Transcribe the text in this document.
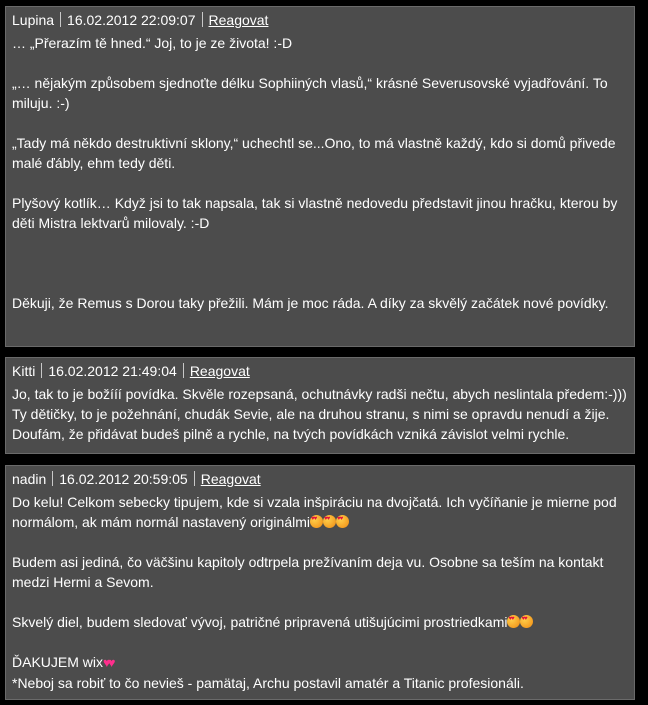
Lupina 16.02.2012 22:09:07 Reagovat

… „Přerazím tě hned.“ Joj, to je ze života! :-D

„… nějakým způsobem sjednoťte délku Sophiiných vlasů,“ krásné Severusovské vyjadřování. To miluju. :-)

„Tady má někdo destruktivní sklony,“ uchechtl se...Ono, to má vlastně každý, kdo si domů přivede malé ďábly, ehm tedy děti.

Plyšový kotlík… Když jsi to tak napsala, tak si vlastně nedovedu představit jinou hračku, kterou by děti Mistra lektvarů milovaly. :-D

Děkuji, že Remus s Dorou taky přežili. Mám je moc ráda. A díky za skvělý začátek nové povídky.

Kitti 16.02.2012 21:49:04 Reagovat

Jo, tak to je božííí povídka. Skvěle rozepsaná, ochutnávky radši nečtu, abych neslintala předem:-))) Ty dětičky, to je požehnání, chudák Sevie, ale na druhou stranu, s nimi se opravdu nenudí a žije. Doufám, že přidávat budeš pilně a rychle, na tvých povídkách vzniká závislot velmi rychle.

nadin 16.02.2012 20:59:05 Reagovat

Do kelu! Celkom sebecky tipujem, kde si vzala inšpiráciu na dvojčatá. Ich vyčíňanie je mierne pod normálom, ak mám normál nastavený originálmi♥♥♥♥♥♥

Budem asi jediná, čo väčšinu kapitoly odtrpela prežívaním deja vu. Osobne sa teším na kontakt medzi Hermi a Sevom.

Skvelý diel, budem sledovať vývoj, patričné pripravená utišujúcimi prostriedkami♥♥♥♥

ĎAKUJEM wix♥♥

*Neboj sa robiť to čo nevieš - pamätaj, Archu postavil amatér a Titanic profesionáli.
